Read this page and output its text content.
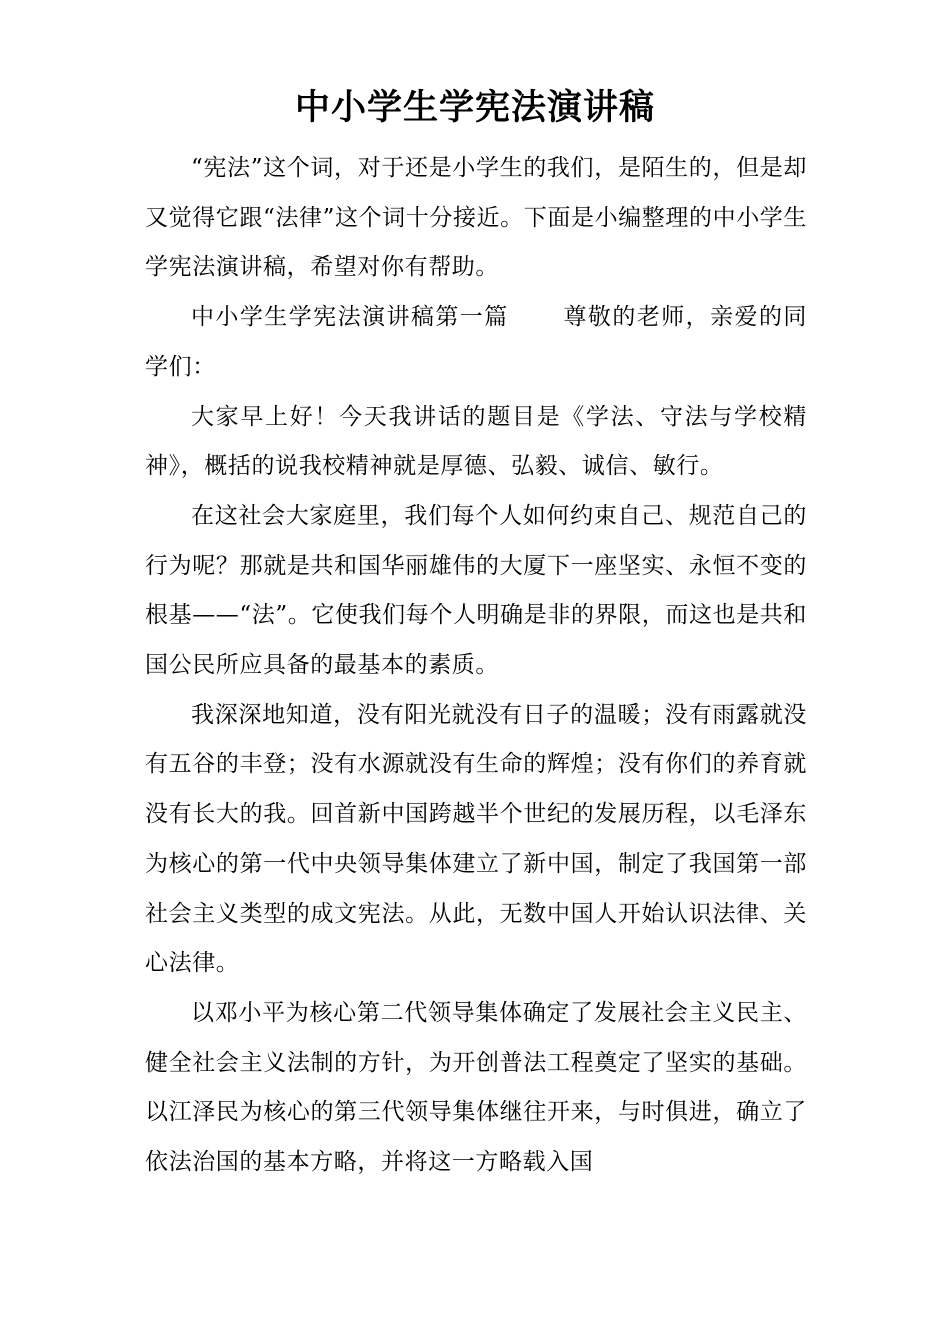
中小学生学宪法演讲稿

“宪法”这个词，对于还是小学生的我们，是陌生的，但是却又觉得它跟“法律”这个词十分接近。下面是小编整理的中小学生学宪法演讲稿，希望对你有帮助。

中小学生学宪法演讲稿第一篇 尊敬的老师，亲爱的同学们：

大家早上好！今天我讲话的题目是《学法、守法与学校精神》，概括的说我校精神就是厚德、弘毅、诚信、敏行。

在这社会大家庭里，我们每个人如何约束自己、规范自己的行为呢？那就是共和国华丽雄伟的大厦下一座坚实、永恒不变的根基——“法”。它使我们每个人明确是非的界限，而这也是共和国公民所应具备的最基本的素质。

我深深地知道，没有阳光就没有日子的温暖；没有雨露就没有五谷的丰登；没有水源就没有生命的辉煌；没有你们的养育就没有长大的我。回首新中国跨越半个世纪的发展历程，以毛泽东为核心的第一代中央领导集体建立了新中国，制定了我国第一部社会主义类型的成文宪法。从此，无数中国人开始认识法律、关心法律。

以邓小平为核心第二代领导集体确定了发展社会主义民主、健全社会主义法制的方针，为开创普法工程奠定了坚实的基础。以江泽民为核心的第三代领导集体继往开来，与时俱进，确立了依法治国的基本方略，并将这一方略载入国
